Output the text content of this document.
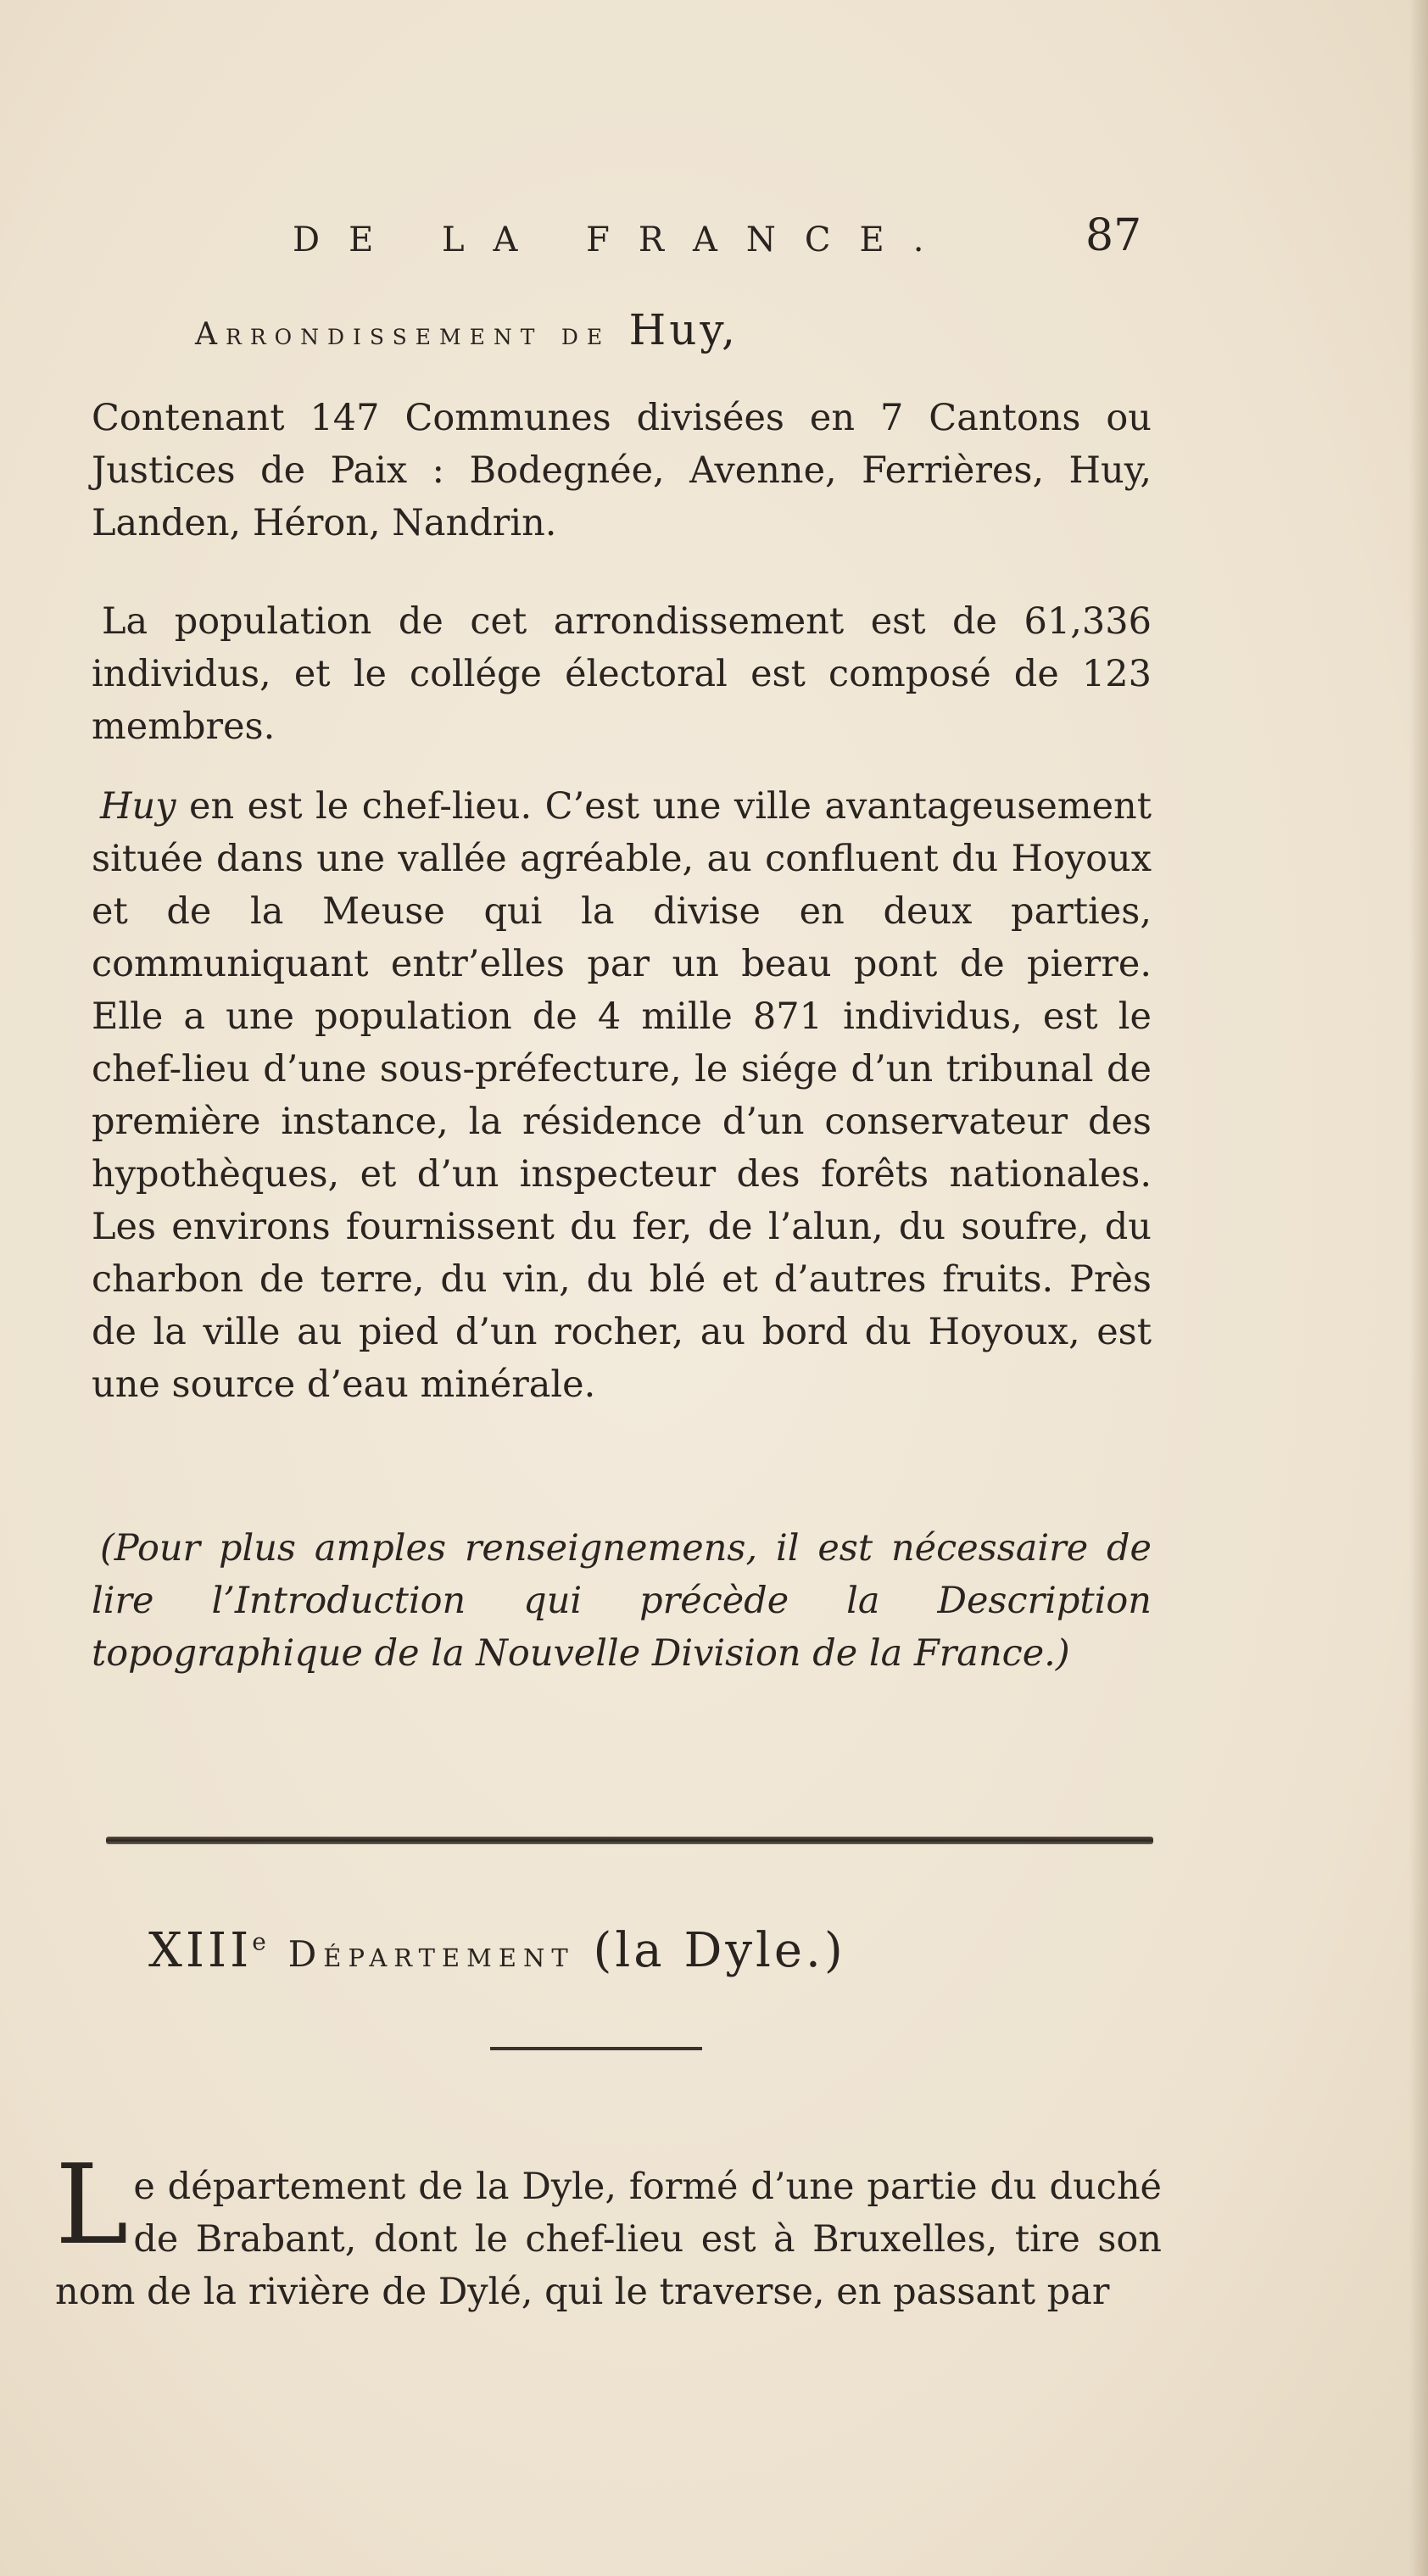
DE LA FRANCE.	87
Arrondissement de Huy,

Contenant 147 Communes divisées en 7 Cantons ou Justices de Paix : Bodegnée, Avenne, Ferrières, Huy, Landen, Héron, Nandrin.

La population de cet arrondissement est de 61,336 individus, et le collége électoral est composé de 123 membres.

Huy en est le chef-lieu. C’est une ville avantageusement située dans une vallée agréable, au confluent du Hoyoux et de la Meuse qui la divise en deux parties, communiquant entr’elles par un beau pont de pierre. Elle a une population de 4 mille 871 individus, est le chef-lieu d’une sous-préfecture, le siége d’un tribunal de première instance, la résidence d’un conservateur des hypothèques, et d’un inspecteur des forêts nationales. Les environs fournissent du fer, de l’alun, du soufre, du charbon de terre, du vin, du blé et d’autres fruits. Près de la ville au pied d’un rocher, au bord du Hoyoux, est une source d’eau minérale.

(Pour plus amples renseignemens, il est nécessaire de lire l’Introduction qui précède la Description topographique de la Nouvelle Division de la France.)

XIIIe Département (la Dyle.)

Le département de la Dyle, formé d’une partie du duché de Brabant, dont le chef-lieu est à Bruxelles, tire son nom de la rivière de Dylé, qui le traverse, en passant par
